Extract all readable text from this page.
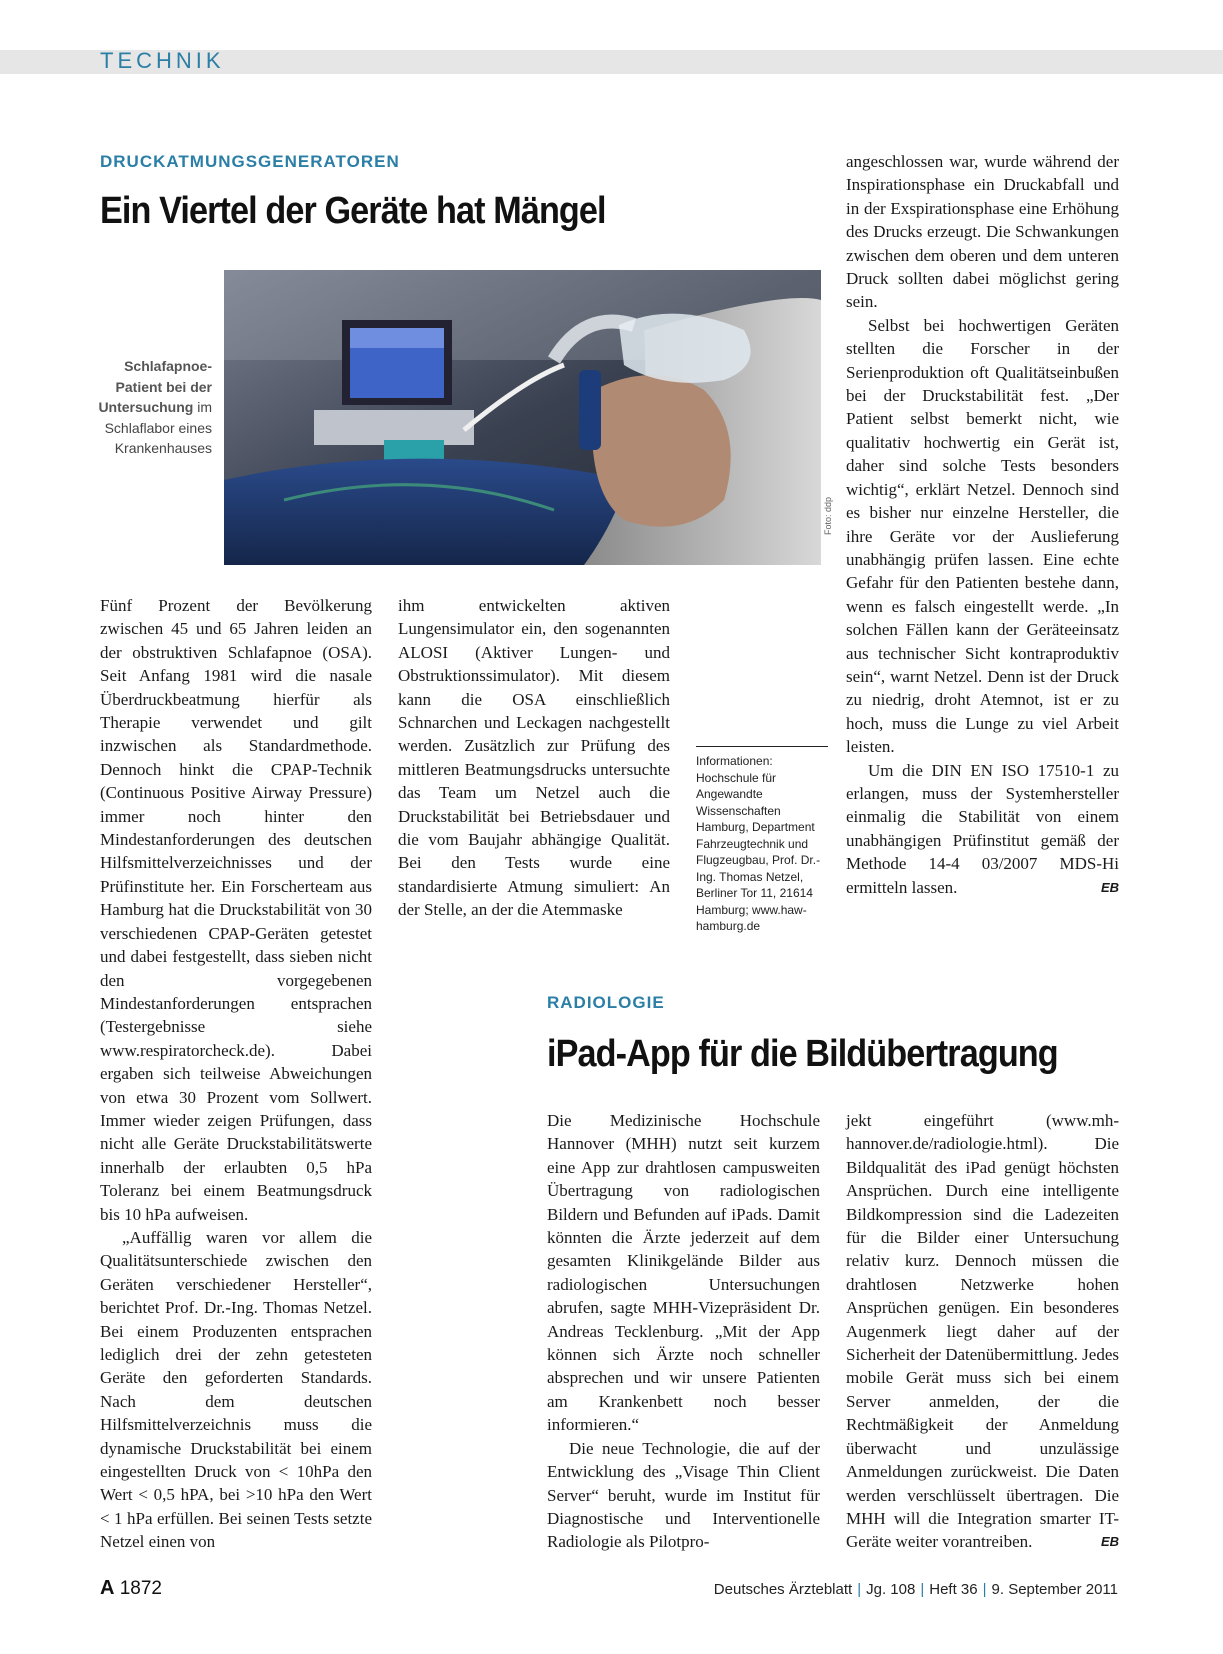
TECHNIK
DRUCKATMUNGSGENERATOREN
Ein Viertel der Geräte hat Mängel
Schlafapnoe-Patient bei der Untersuchung im Schlaflabor eines Krankenhauses
Foto: ddp

Fünf Prozent der Bevölkerung zwischen 45 und 65 Jahren leiden an der obstruktiven Schlafapnoe (OSA). Seit Anfang 1981 wird die nasale Überdruckbeatmung hierfür als Therapie verwendet und gilt inzwischen als Standardmethode. Dennoch hinkt die CPAP-Technik (Continuous Positive Airway Pressure) immer noch hinter den Mindestanforderungen des deutschen Hilfsmittelverzeichnisses und der Prüfinstitute her. Ein Forscherteam aus Hamburg hat die Druckstabilität von 30 verschiedenen CPAP-Geräten getestet und dabei festgestellt, dass sieben nicht den vorgegebenen Mindestanforderungen entsprachen (Testergebnisse siehe www.respiratorcheck.de). Dabei ergaben sich teilweise Abweichungen von etwa 30 Prozent vom Sollwert. Immer wieder zeigen Prüfungen, dass nicht alle Geräte Druckstabilitätswerte innerhalb der erlaubten 0,5 hPa Toleranz bei einem Beatmungsdruck bis 10 hPa aufweisen.

„Auffällig waren vor allem die Qualitätsunterschiede zwischen den Geräten verschiedener Hersteller“, berichtet Prof. Dr.-Ing. Thomas Netzel. Bei einem Produzenten entsprachen lediglich drei der zehn getesteten Geräte den geforderten Standards. Nach dem deutschen Hilfsmittelverzeichnis muss die dynamische Druckstabilität bei einem eingestellten Druck von < 10hPa den Wert < 0,5 hPA, bei >10 hPa den Wert < 1 hPa erfüllen. Bei seinen Tests setzte Netzel einen von

ihm entwickelten aktiven Lungensimulator ein, den sogenannten ALOSI (Aktiver Lungen- und Obstruktionssimulator). Mit diesem kann die OSA einschließlich Schnarchen und Leckagen nachgestellt werden. Zusätzlich zur Prüfung des mittleren Beatmungsdrucks untersuchte das Team um Netzel auch die Druckstabilität bei Betriebsdauer und die vom Baujahr abhängige Qualität. Bei den Tests wurde eine standardisierte Atmung simuliert: An der Stelle, an der die Atemmaske

Informationen: Hochschule für Angewandte Wissenschaften Hamburg, Department Fahrzeugtechnik und Flugzeugbau, Prof. Dr.-Ing. Thomas Netzel, Berliner Tor 11, 21614 Hamburg; www.haw-hamburg.de

angeschlossen war, wurde während der Inspirationsphase ein Druckabfall und in der Exspirationsphase eine Erhöhung des Drucks erzeugt. Die Schwankungen zwischen dem oberen und dem unteren Druck sollten dabei möglichst gering sein.

Selbst bei hochwertigen Geräten stellten die Forscher in der Serienproduktion oft Qualitätseinbußen bei der Druckstabilität fest. „Der Patient selbst bemerkt nicht, wie qualitativ hochwertig ein Gerät ist, daher sind solche Tests besonders wichtig“, erklärt Netzel. Dennoch sind es bisher nur einzelne Hersteller, die ihre Geräte vor der Auslieferung unabhängig prüfen lassen. Eine echte Gefahr für den Patienten bestehe dann, wenn es falsch eingestellt werde. „In solchen Fällen kann der Geräteeinsatz aus technischer Sicht kontraproduktiv sein“, warnt Netzel. Denn ist der Druck zu niedrig, droht Atemnot, ist er zu hoch, muss die Lunge zu viel Arbeit leisten.

Um die DIN EN ISO 17510-1 zu erlangen, muss der Systemhersteller einmalig die Stabilität von einem unabhängigen Prüfinstitut gemäß der Methode 14-4 03/2007 MDS-Hi ermitteln lassen.	EB

RADIOLOGIE
iPad-App für die Bildübertragung

Die Medizinische Hochschule Hannover (MHH) nutzt seit kurzem eine App zur drahtlosen campusweiten Übertragung von radiologischen Bildern und Befunden auf iPads. Damit könnten die Ärzte jederzeit auf dem gesamten Klinikgelände Bilder aus radiologischen Untersuchungen abrufen, sagte MHH-Vizepräsident Dr. Andreas Tecklenburg. „Mit der App können sich Ärzte noch schneller absprechen und wir unsere Patienten am Krankenbett noch besser informieren.“

Die neue Technologie, die auf der Entwicklung des „Visage Thin Client Server“ beruht, wurde im Institut für Diagnostische und Interventionelle Radiologie als Pilotpro-

jekt eingeführt (www.mh-hannover.de/radiologie.html). Die Bildqualität des iPad genügt höchsten Ansprüchen. Durch eine intelligente Bildkompression sind die Ladezeiten für die Bilder einer Untersuchung relativ kurz. Dennoch müssen die drahtlosen Netzwerke hohen Ansprüchen genügen. Ein besonderes Augenmerk liegt daher auf der Sicherheit der Datenübermittlung. Jedes mobile Gerät muss sich bei einem Server anmelden, der die Rechtmäßigkeit der Anmeldung überwacht und unzulässige Anmeldungen zurückweist. Die Daten werden verschlüsselt übertragen. Die MHH will die Integration smarter IT-Geräte weiter vorantreiben.	EB

A 1872	Deutsches Ärzteblatt | Jg. 108 | Heft 36 | 9. September 2011
